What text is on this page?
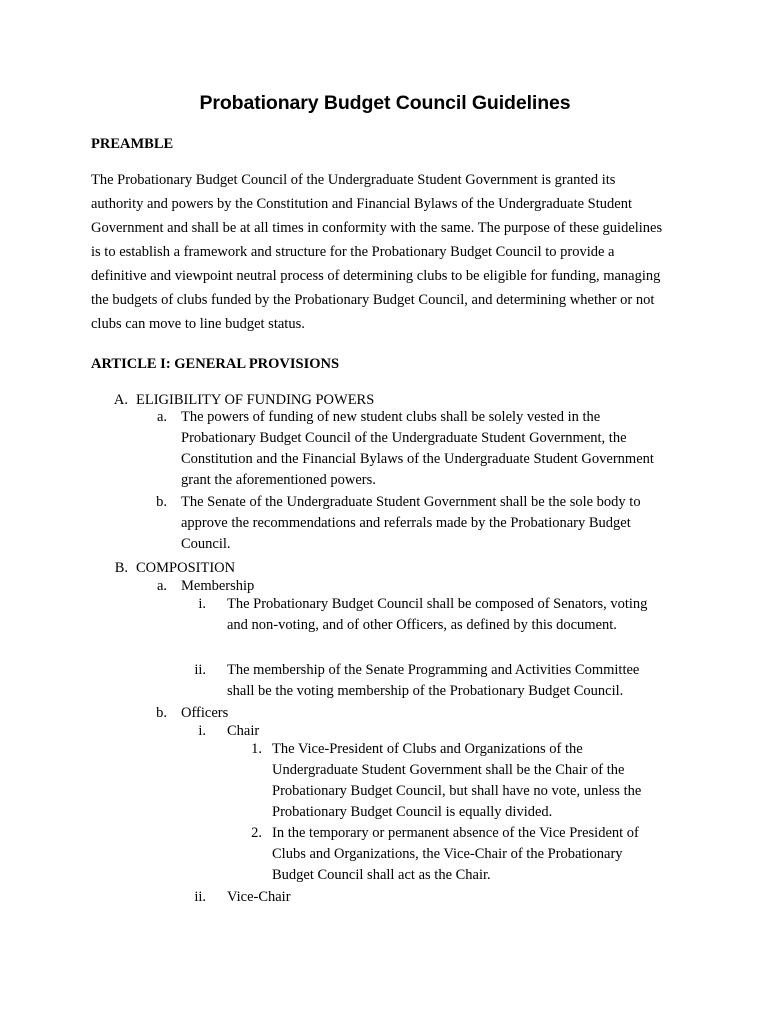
Probationary Budget Council Guidelines
PREAMBLE

The Probationary Budget Council of the Undergraduate Student Government is granted its authority and powers by the Constitution and Financial Bylaws of the Undergraduate Student Government and shall be at all times in conformity with the same. The purpose of these guidelines is to establish a framework and structure for the Probationary Budget Council to provide a definitive and viewpoint neutral process of determining clubs to be eligible for funding, managing the budgets of clubs funded by the Probationary Budget Council, and determining whether or not clubs can move to line budget status.

ARTICLE I: GENERAL PROVISIONS
A. ELIGIBILITY OF FUNDING POWERS
a. The powers of funding of new student clubs shall be solely vested in the Probationary Budget Council of the Undergraduate Student Government, the Constitution and the Financial Bylaws of the Undergraduate Student Government grant the aforementioned powers.
b. The Senate of the Undergraduate Student Government shall be the sole body to approve the recommendations and referrals made by the Probationary Budget Council.
B. COMPOSITION
a. Membership
i. The Probationary Budget Council shall be composed of Senators, voting and non-voting, and of other Officers, as defined by this document.
ii. The membership of the Senate Programming and Activities Committee shall be the voting membership of the Probationary Budget Council.
b. Officers
i. Chair
1. The Vice-President of Clubs and Organizations of the Undergraduate Student Government shall be the Chair of the Probationary Budget Council, but shall have no vote, unless the Probationary Budget Council is equally divided.
2. In the temporary or permanent absence of the Vice President of Clubs and Organizations, the Vice-Chair of the Probationary Budget Council shall act as the Chair.
ii. Vice-Chair
